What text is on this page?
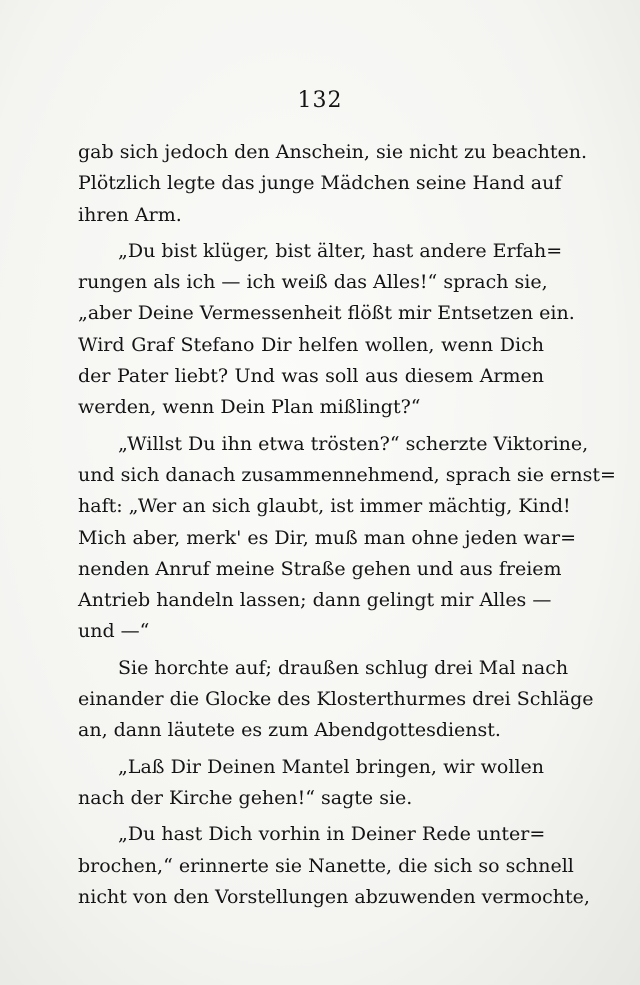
132
gab sich jedoch den Anschein, sie nicht zu beachten.
Plötzlich legte das junge Mädchen seine Hand auf
ihren Arm.
„Du bist klüger, bist älter, hast andere Erfah=
rungen als ich — ich weiß das Alles!“ sprach sie,
„aber Deine Vermessenheit flößt mir Entsetzen ein.
Wird Graf Stefano Dir helfen wollen, wenn Dich
der Pater liebt? Und was soll aus diesem Armen
werden, wenn Dein Plan mißlingt?“
„Willst Du ihn etwa trösten?“ scherzte Viktorine,
und sich danach zusammennehmend, sprach sie ernst=
haft: „Wer an sich glaubt, ist immer mächtig, Kind!
Mich aber, merk' es Dir, muß man ohne jeden war=
nenden Anruf meine Straße gehen und aus freiem
Antrieb handeln lassen; dann gelingt mir Alles —
und —“
Sie horchte auf; draußen schlug drei Mal nach
einander die Glocke des Klosterthurmes drei Schläge
an, dann läutete es zum Abendgottesdienst.
„Laß Dir Deinen Mantel bringen, wir wollen
nach der Kirche gehen!“ sagte sie.
„Du hast Dich vorhin in Deiner Rede unter=
brochen,“ erinnerte sie Nanette, die sich so schnell
nicht von den Vorstellungen abzuwenden vermochte,
